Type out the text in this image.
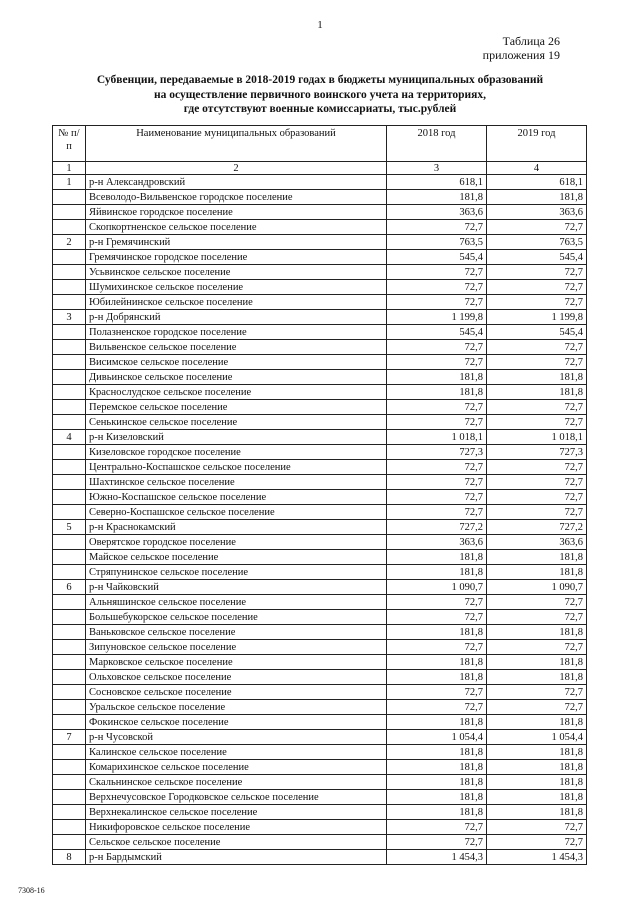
1
Таблица 26
приложения 19
Субвенции, передаваемые в 2018-2019 годах в бюджеты муниципальных образований
на осуществление первичного воинского учета на территориях,
где отсутствуют военные комиссариаты, тыс.рублей
№ п/п	Наименование муниципальных образований	2018 год	2019 год
1	2	3	4
1	р-н Александровский	618,1	618,1
	Всеволодо-Вильвенское городское поселение	181,8	181,8
	Яйвинское городское поселение	363,6	363,6
	Скопкортненское сельское поселение	72,7	72,7
2	р-н Гремячинский	763,5	763,5
	Гремячинское городское поселение	545,4	545,4
	Усьвинское сельское поселение	72,7	72,7
	Шумихинское сельское поселение	72,7	72,7
	Юбилейнинское сельское поселение	72,7	72,7
3	р-н Добрянский	1 199,8	1 199,8
	Полазненское городское поселение	545,4	545,4
	Вильвенское сельское поселение	72,7	72,7
	Висимское сельское поселение	72,7	72,7
	Дивьинское сельское поселение	181,8	181,8
	Краснослудское сельское поселение	181,8	181,8
	Перемское сельское поселение	72,7	72,7
	Сенькинское сельское поселение	72,7	72,7
4	р-н Кизеловский	1 018,1	1 018,1
	Кизеловское городское поселение	727,3	727,3
	Центрально-Коспашское сельское поселение	72,7	72,7
	Шахтинское сельское поселение	72,7	72,7
	Южно-Коспашское сельское поселение	72,7	72,7
	Северно-Коспашское сельское поселение	72,7	72,7
5	р-н Краснокамский	727,2	727,2
	Оверятское городское поселение	363,6	363,6
	Майское сельское поселение	181,8	181,8
	Стряпунинское сельское поселение	181,8	181,8
6	р-н Чайковский	1 090,7	1 090,7
	Альняшинское сельское поселение	72,7	72,7
	Большебукорское сельское поселение	72,7	72,7
	Ваньковское сельское поселение	181,8	181,8
	Зипуновское сельское поселение	72,7	72,7
	Марковское сельское поселение	181,8	181,8
	Ольховское сельское поселение	181,8	181,8
	Сосновское сельское поселение	72,7	72,7
	Уральское сельское поселение	72,7	72,7
	Фокинское сельское поселение	181,8	181,8
7	р-н Чусовской	1 054,4	1 054,4
	Калинское сельское поселение	181,8	181,8
	Комарихинское сельское поселение	181,8	181,8
	Скальнинское сельское поселение	181,8	181,8
	Верхнечусовское Городковское сельское поселение	181,8	181,8
	Верхнекалинское сельское поселение	181,8	181,8
	Никифоровское сельское поселение	72,7	72,7
	Сельское сельское поселение	72,7	72,7
8	р-н Бардымский	1 454,3	1 454,3
7308-16
